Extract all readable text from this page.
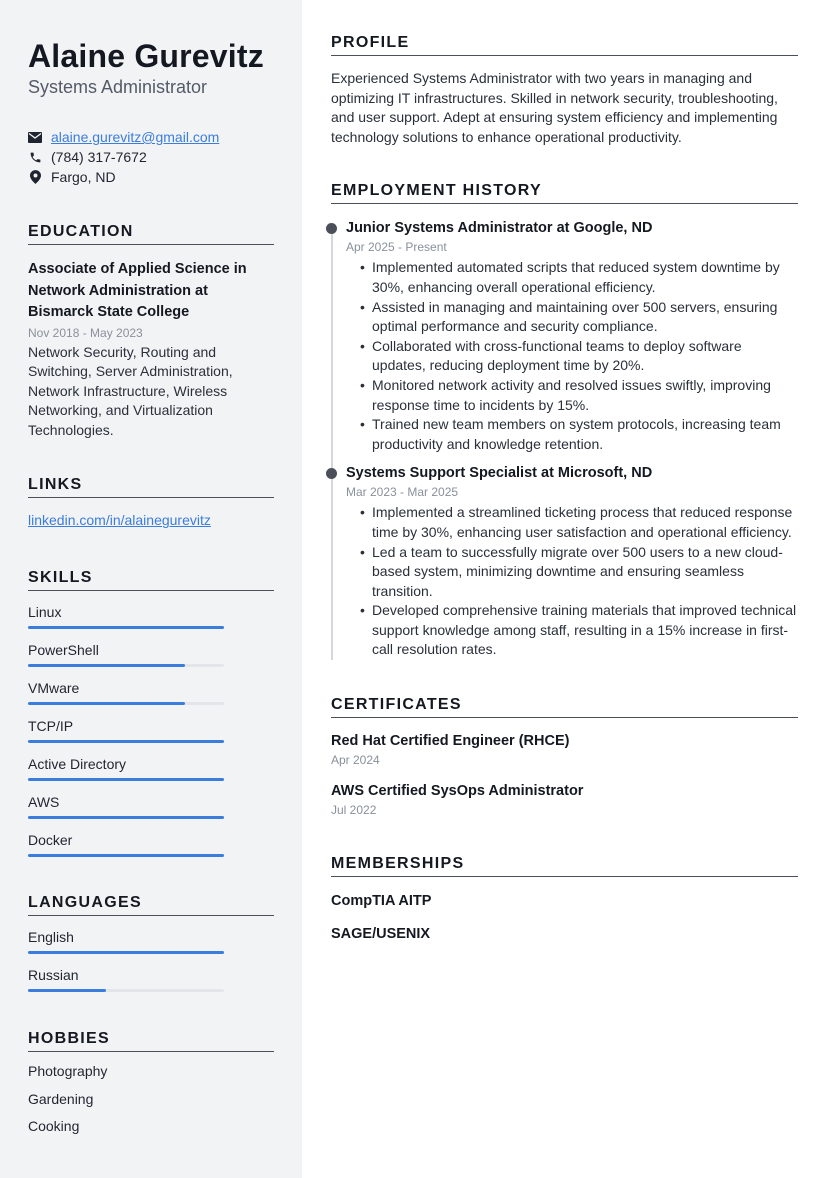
Alaine Gurevitz
Systems Administrator
alaine.gurevitz@gmail.com
(784) 317-7672
Fargo, ND
EDUCATION
Associate of Applied Science in Network Administration at Bismarck State College
Nov 2018 - May 2023
Network Security, Routing and Switching, Server Administration, Network Infrastructure, Wireless Networking, and Virtualization Technologies.
LINKS
linkedin.com/in/alainegurevitz
SKILLS
Linux
PowerShell
VMware
TCP/IP
Active Directory
AWS
Docker
LANGUAGES
English
Russian
HOBBIES
Photography
Gardening
Cooking
PROFILE

Experienced Systems Administrator with two years in managing and optimizing IT infrastructures. Skilled in network security, troubleshooting, and user support. Adept at ensuring system efficiency and implementing technology solutions to enhance operational productivity.

EMPLOYMENT HISTORY
Junior Systems Administrator at Google, ND
Apr 2025 - Present
• Implemented automated scripts that reduced system downtime by 30%, enhancing overall operational efficiency.
• Assisted in managing and maintaining over 500 servers, ensuring optimal performance and security compliance.
• Collaborated with cross-functional teams to deploy software updates, reducing deployment time by 20%.
• Monitored network activity and resolved issues swiftly, improving response time to incidents by 15%.
• Trained new team members on system protocols, increasing team productivity and knowledge retention.
Systems Support Specialist at Microsoft, ND
Mar 2023 - Mar 2025
• Implemented a streamlined ticketing process that reduced response time by 30%, enhancing user satisfaction and operational efficiency.
• Led a team to successfully migrate over 500 users to a new cloud-based system, minimizing downtime and ensuring seamless transition.
• Developed comprehensive training materials that improved technical support knowledge among staff, resulting in a 15% increase in first-call resolution rates.
CERTIFICATES
Red Hat Certified Engineer (RHCE)
Apr 2024
AWS Certified SysOps Administrator
Jul 2022
MEMBERSHIPS
CompTIA AITP
SAGE/USENIX
